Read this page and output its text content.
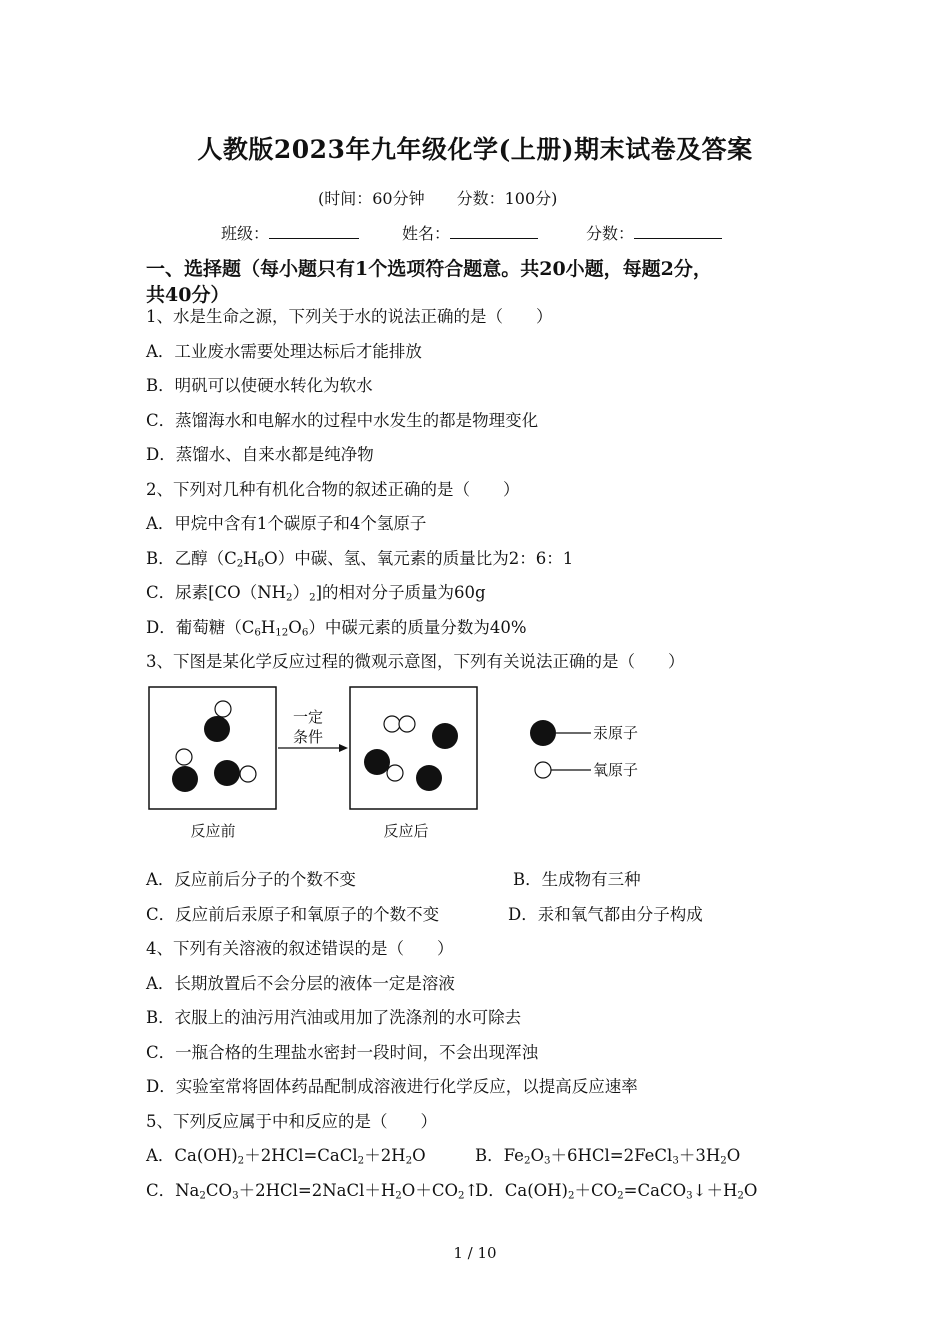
人教版2023年九年级化学(上册)期末试卷及答案
(时间：60分钟　　分数：100分)
班级：	姓名：	分数：
一、选择题（每小题只有1个选项符合题意。共20小题，每题2分，
共40分）
1、水是生命之源，下列关于水的说法正确的是（　　）
A．工业废水需要处理达标后才能排放
B．明矾可以使硬水转化为软水
C．蒸馏海水和电解水的过程中水发生的都是物理变化
D．蒸馏水、自来水都是纯净物
2、下列对几种有机化合物的叙述正确的是（　　）
A．甲烷中含有1个碳原子和4个氢原子
B．乙醇$(C_2H_6O)$中碳、氢、氧元素的质量比为2：6：1
C．尿素$[CO(NH_2)_2]$的相对分子质量为60g
D．葡萄糖$(C_6H_{12}O_6)$中碳元素的质量分数为40%
3、下图是某化学反应过程的微观示意图，下列有关说法正确的是（　　）
一定
条件
反应前	反应后
汞原子
氧原子
A．反应前后分子的个数不变	B．生成物有三种
C．反应前后汞原子和氧原子的个数不变	D．汞和氧气都由分子构成
4、下列有关溶液的叙述错误的是（　　）
A．长期放置后不会分层的液体一定是溶液
B．衣服上的油污用汽油或用加了洗涤剂的水可除去
C．一瓶合格的生理盐水密封一段时间，不会出现浑浊
D．实验室常将固体药品配制成溶液进行化学反应，以提高反应速率
5、下列反应属于中和反应的是（　　）
A．$Ca(OH)_2+2HCl=CaCl_2+2H_2O$	B．$Fe_2O_3+6HCl=2FeCl_3+3H_2O$
C．$Na_2CO_3+2HCl=2NaCl+H_2O+CO_2↑$
D．$Ca(OH)_2+CO_2=CaCO_3↓+H_2O$
1 / 10
